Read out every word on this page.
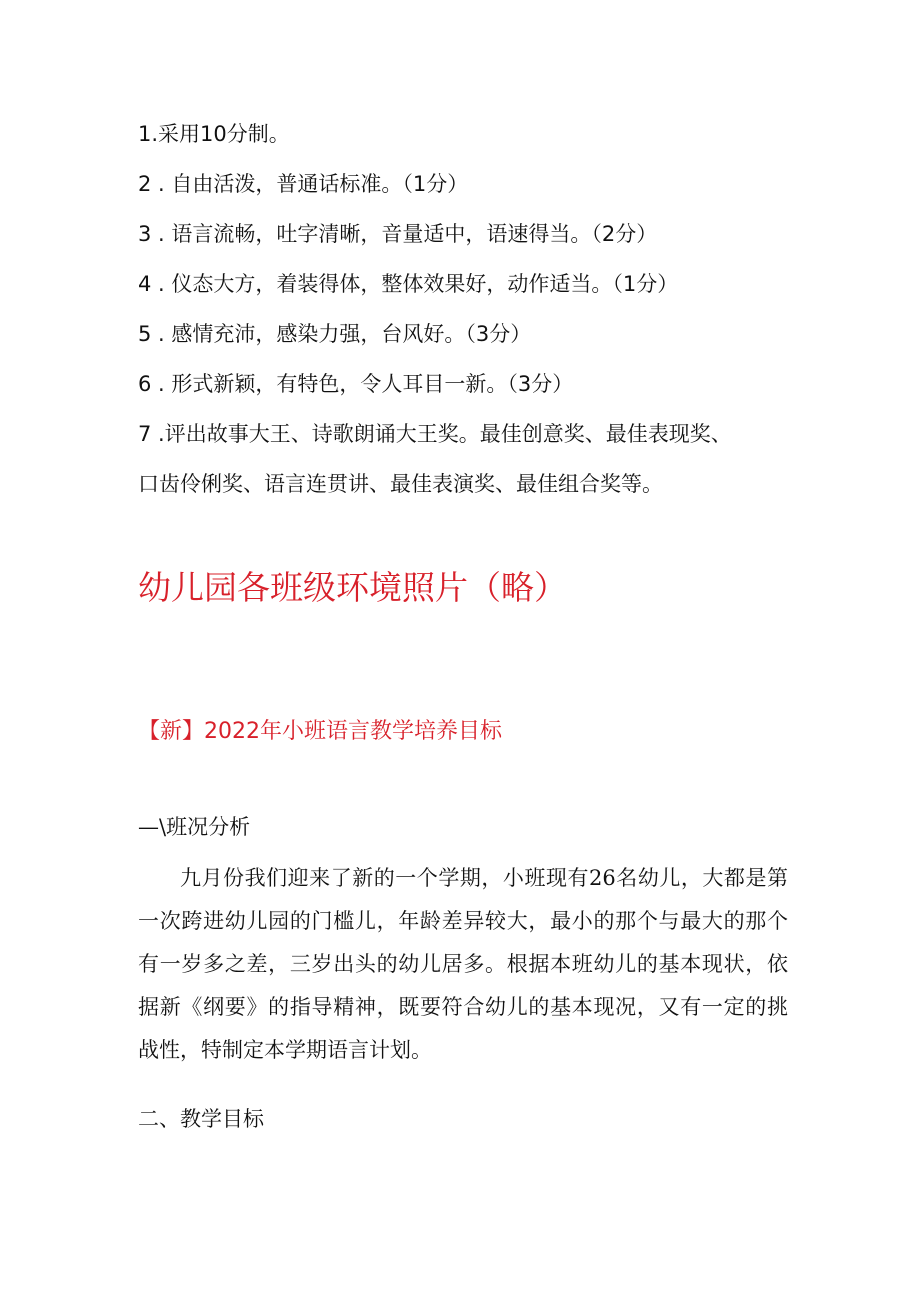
1.采用10分制。
2 . 自由活泼，普通话标准。（1分）
3 . 语言流畅，吐字清晰，音量适中，语速得当。（2分）
4 . 仪态大方，着装得体，整体效果好，动作适当。（1分）
5 . 感情充沛，感染力强，台风好。（3分）
6 . 形式新颖，有特色，令人耳目一新。（3分）
7 .评出故事大王、诗歌朗诵大王奖。最佳创意奖、最佳表现奖、
口齿伶俐奖、语言连贯讲、最佳表演奖、最佳组合奖等。
幼儿园各班级环境照片（略）
【新】2022年小班语言教学培养目标
—\班况分析
九月份我们迎来了新的一个学期，小班现有26名幼儿，大都是第一次跨进幼儿园的门槛儿，年龄差异较大，最小的那个与最大的那个有一岁多之差，三岁出头的幼儿居多。根据本班幼儿的基本现状，依据新《纲要》的指导精神，既要符合幼儿的基本现况，又有一定的挑战性，特制定本学期语言计划。
二、教学目标
